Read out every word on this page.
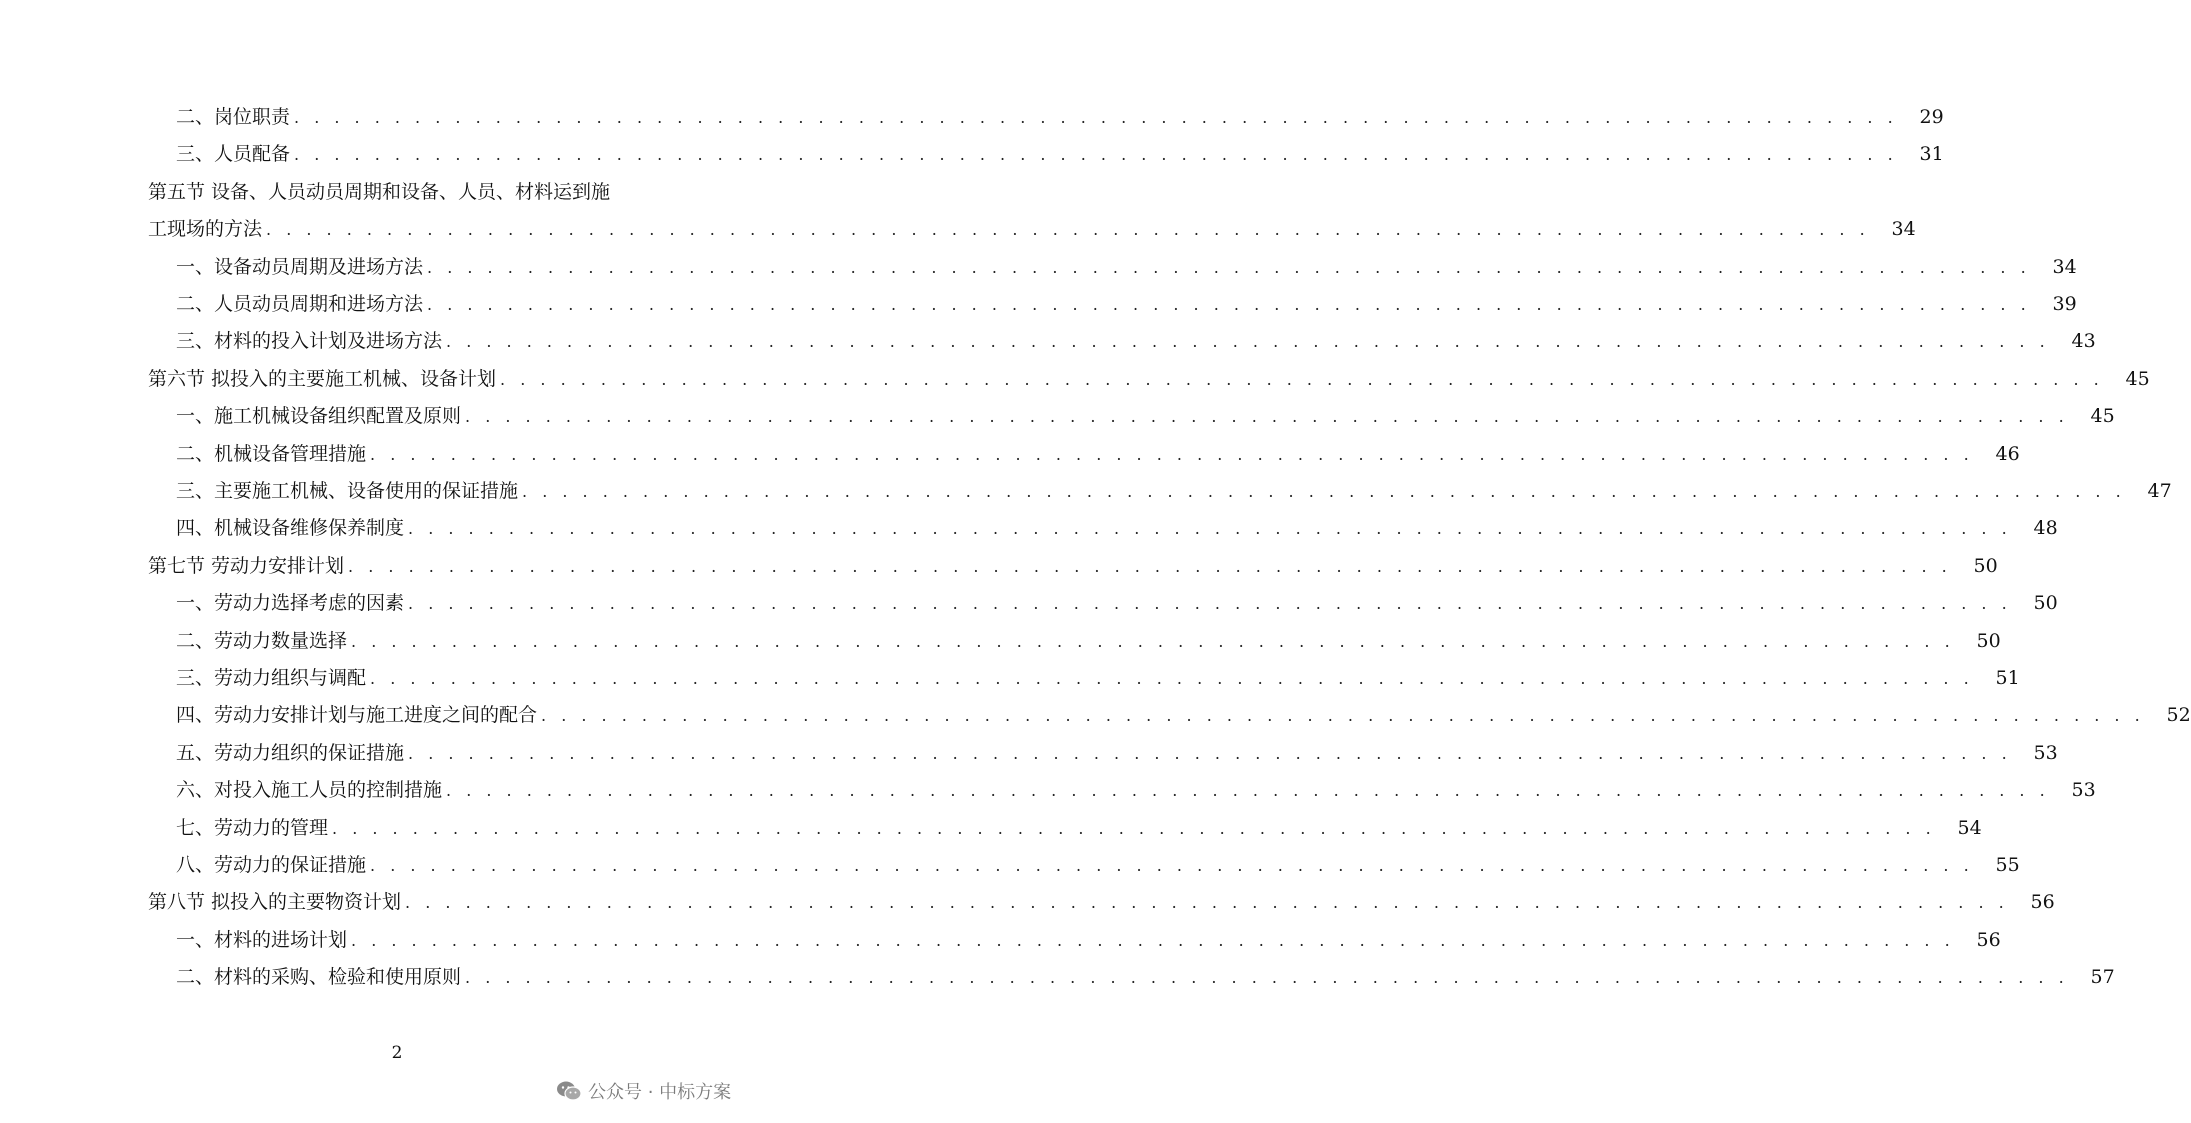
二、岗位职责 . . . . . . . . . . . . . . . . . . . . . . . . . . . . . . . . . . . . . . . . . . . . . . . . . . . . . . . . . . . . . . . . . . . . . . . . . . . . . . . .	29
三、人员配备 . . . . . . . . . . . . . . . . . . . . . . . . . . . . . . . . . . . . . . . . . . . . . . . . . . . . . . . . . . . . . . . . . . . . . . . . . . . . . . . .	31
第五节 设备、人员动员周期和设备、人员、材料运到施
工现场的方法 . . . . . . . . . . . . . . . . . . . . . . . . . . . . . . . . . . . . . . . . . . . . . . . . . . . . . . . . . . . . . . . . . . . . . . . . . . . . . . . .	34
一、设备动员周期及进场方法 . . . . . . . . . . . . . . . . . . . . . . . . . . . . . . . . . . . . . . . . . . . . . . . . . . . . . . . . . . . . . . . . . . . . . . . . . . . . . . . .	34
二、人员动员周期和进场方法 . . . . . . . . . . . . . . . . . . . . . . . . . . . . . . . . . . . . . . . . . . . . . . . . . . . . . . . . . . . . . . . . . . . . . . . . . . . . . . . .	39
三、材料的投入计划及进场方法 . . . . . . . . . . . . . . . . . . . . . . . . . . . . . . . . . . . . . . . . . . . . . . . . . . . . . . . . . . . . . . . . . . . . . . . . . . . . . . . .	43
第六节 拟投入的主要施工机械、设备计划 . . . . . . . . . . . . . . . . . . . . . . . . . . . . . . . . . . . . . . . . . . . . . . . . . . . . . . . . . . . . . . . . . . . . . . . . . . . . . . . .	45
一、施工机械设备组织配置及原则 . . . . . . . . . . . . . . . . . . . . . . . . . . . . . . . . . . . . . . . . . . . . . . . . . . . . . . . . . . . . . . . . . . . . . . . . . . . . . . . .	45
二、机械设备管理措施 . . . . . . . . . . . . . . . . . . . . . . . . . . . . . . . . . . . . . . . . . . . . . . . . . . . . . . . . . . . . . . . . . . . . . . . . . . . . . . . .	46
三、主要施工机械、设备使用的保证措施 . . . . . . . . . . . . . . . . . . . . . . . . . . . . . . . . . . . . . . . . . . . . . . . . . . . . . . . . . . . . . . . . . . . . . . . . . . . . . . . .	47
四、机械设备维修保养制度 . . . . . . . . . . . . . . . . . . . . . . . . . . . . . . . . . . . . . . . . . . . . . . . . . . . . . . . . . . . . . . . . . . . . . . . . . . . . . . . .	48
第七节 劳动力安排计划 . . . . . . . . . . . . . . . . . . . . . . . . . . . . . . . . . . . . . . . . . . . . . . . . . . . . . . . . . . . . . . . . . . . . . . . . . . . . . . . .	50
一、劳动力选择考虑的因素 . . . . . . . . . . . . . . . . . . . . . . . . . . . . . . . . . . . . . . . . . . . . . . . . . . . . . . . . . . . . . . . . . . . . . . . . . . . . . . . .	50
二、劳动力数量选择 . . . . . . . . . . . . . . . . . . . . . . . . . . . . . . . . . . . . . . . . . . . . . . . . . . . . . . . . . . . . . . . . . . . . . . . . . . . . . . . .	50
三、劳动力组织与调配 . . . . . . . . . . . . . . . . . . . . . . . . . . . . . . . . . . . . . . . . . . . . . . . . . . . . . . . . . . . . . . . . . . . . . . . . . . . . . . . .	51
四、劳动力安排计划与施工进度之间的配合 . . . . . . . . . . . . . . . . . . . . . . . . . . . . . . . . . . . . . . . . . . . . . . . . . . . . . . . . . . . . . . . . . . . . . . . . . . . . . . . .	52
五、劳动力组织的保证措施 . . . . . . . . . . . . . . . . . . . . . . . . . . . . . . . . . . . . . . . . . . . . . . . . . . . . . . . . . . . . . . . . . . . . . . . . . . . . . . . .	53
六、对投入施工人员的控制措施 . . . . . . . . . . . . . . . . . . . . . . . . . . . . . . . . . . . . . . . . . . . . . . . . . . . . . . . . . . . . . . . . . . . . . . . . . . . . . . . .	53
七、劳动力的管理 . . . . . . . . . . . . . . . . . . . . . . . . . . . . . . . . . . . . . . . . . . . . . . . . . . . . . . . . . . . . . . . . . . . . . . . . . . . . . . . .	54
八、劳动力的保证措施 . . . . . . . . . . . . . . . . . . . . . . . . . . . . . . . . . . . . . . . . . . . . . . . . . . . . . . . . . . . . . . . . . . . . . . . . . . . . . . . .	55
第八节 拟投入的主要物资计划 . . . . . . . . . . . . . . . . . . . . . . . . . . . . . . . . . . . . . . . . . . . . . . . . . . . . . . . . . . . . . . . . . . . . . . . . . . . . . . . .	56
一、材料的进场计划 . . . . . . . . . . . . . . . . . . . . . . . . . . . . . . . . . . . . . . . . . . . . . . . . . . . . . . . . . . . . . . . . . . . . . . . . . . . . . . . .	56
二、材料的采购、检验和使用原则 . . . . . . . . . . . . . . . . . . . . . . . . . . . . . . . . . . . . . . . . . . . . . . . . . . . . . . . . . . . . . . . . . . . . . . . . . . . . . . . .	57
2
公众号 · 中标方案
